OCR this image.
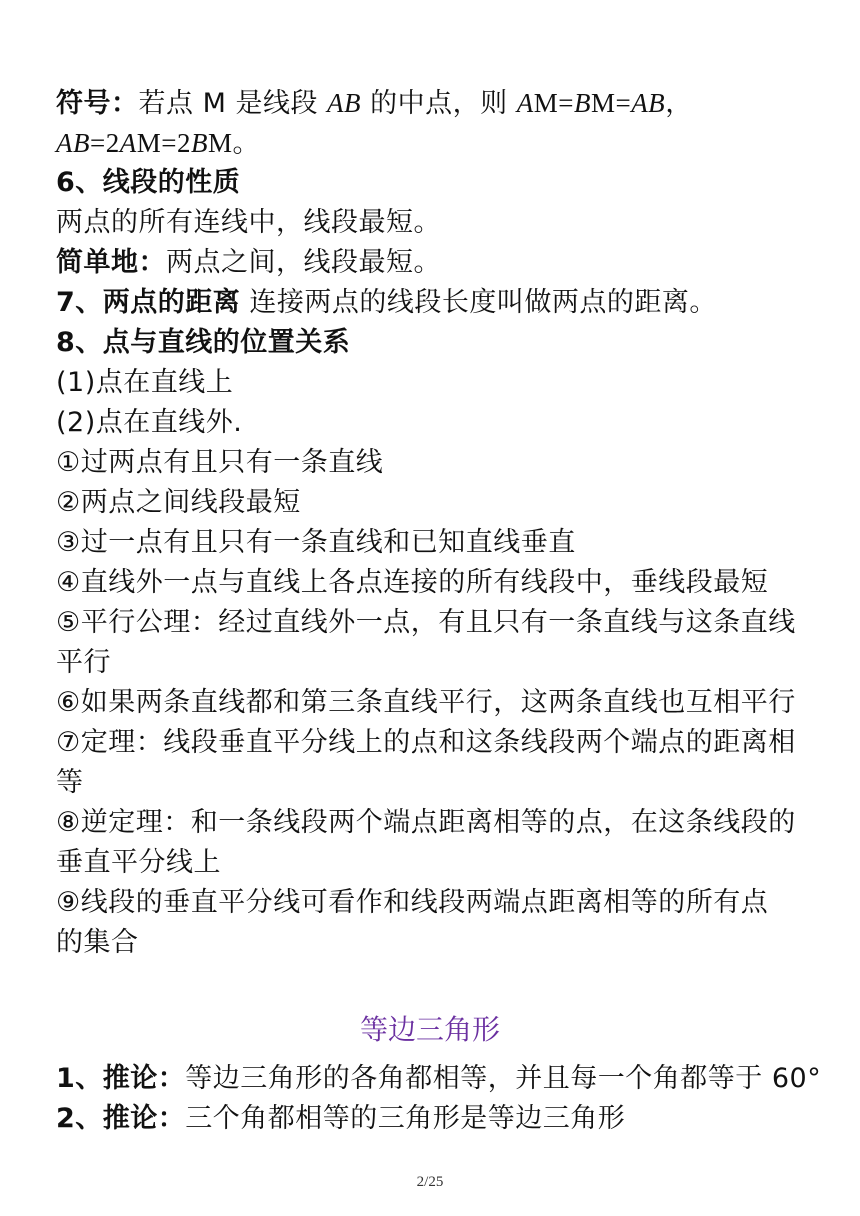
符号：若点 M 是线段 AB 的中点，则 AM=BM=AB，
AB=2AM=2BM。
6、线段的性质
两点的所有连线中，线段最短。
简单地：两点之间，线段最短。
7、两点的距离 连接两点的线段长度叫做两点的距离。
8、点与直线的位置关系
(1)点在直线上
(2)点在直线外.
①过两点有且只有一条直线
②两点之间线段最短
③过一点有且只有一条直线和已知直线垂直
④直线外一点与直线上各点连接的所有线段中，垂线段最短
⑤平行公理：经过直线外一点，有且只有一条直线与这条直线
平行
⑥如果两条直线都和第三条直线平行，这两条直线也互相平行
⑦定理：线段垂直平分线上的点和这条线段两个端点的距离相
等
⑧逆定理：和一条线段两个端点距离相等的点，在这条线段的
垂直平分线上
⑨线段的垂直平分线可看作和线段两端点距离相等的所有点
的集合
等边三角形
1、推论：等边三角形的各角都相等，并且每一个角都等于 60°
2、推论：三个角都相等的三角形是等边三角形
2/25
